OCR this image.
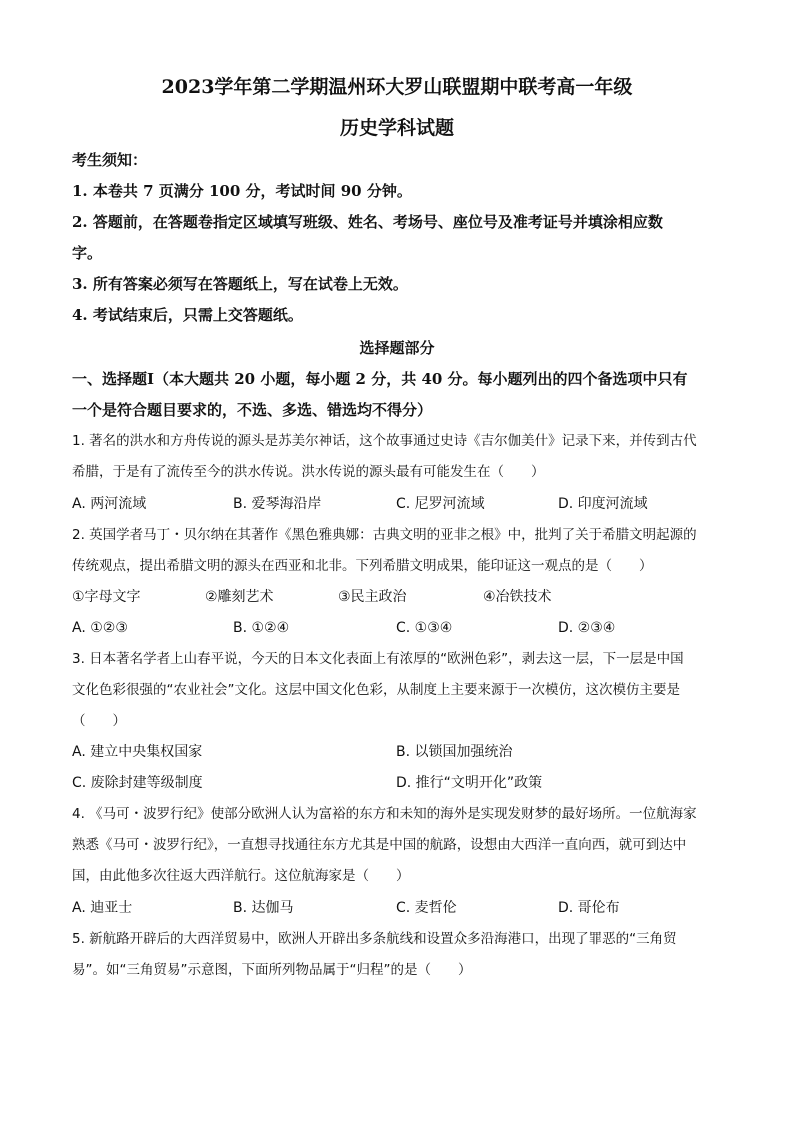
2023学年第二学期温州环大罗山联盟期中联考高一年级
历史学科试题
考生须知：
1. 本卷共 7 页满分 100 分，考试时间 90 分钟。
2. 答题前，在答题卷指定区域填写班级、姓名、考场号、座位号及准考证号并填涂相应数
字。
3. 所有答案必须写在答题纸上，写在试卷上无效。
4. 考试结束后，只需上交答题纸。
选择题部分
一、选择题Ⅰ（本大题共 20 小题，每小题 2 分，共 40 分。每小题列出的四个备选项中只有
一个是符合题目要求的，不选、多选、错选均不得分）
1. 著名的洪水和方舟传说的源头是苏美尔神话，这个故事通过史诗《吉尔伽美什》记录下来，并传到古代
希腊，于是有了流传至今的洪水传说。洪水传说的源头最有可能发生在（　　）
A. 两河流域	B. 爱琴海沿岸	C. 尼罗河流域	D. 印度河流域
2. 英国学者马丁・贝尔纳在其著作《黑色雅典娜：古典文明的亚非之根》中，批判了关于希腊文明起源的
传统观点，提出希腊文明的源头在西亚和北非。下列希腊文明成果，能印证这一观点的是（　　）
①字母文字	②雕刻艺术	③民主政治	④冶铁技术
A. ①②③	B. ①②④	C. ①③④	D. ②③④
3. 日本著名学者上山春平说，今天的日本文化表面上有浓厚的“欧洲色彩”，剥去这一层，下一层是中国
文化色彩很强的“农业社会”文化。这层中国文化色彩，从制度上主要来源于一次模仿，这次模仿主要是
（　　）
A. 建立中央集权国家	B. 以锁国加强统治
C. 废除封建等级制度	D. 推行“文明开化”政策
4. 《马可・波罗行纪》使部分欧洲人认为富裕的东方和未知的海外是实现发财梦的最好场所。一位航海家
熟悉《马可・波罗行纪》，一直想寻找通往东方尤其是中国的航路，设想由大西洋一直向西，就可到达中
国，由此他多次往返大西洋航行。这位航海家是（　　）
A. 迪亚士	B. 达伽马	C. 麦哲伦	D. 哥伦布
5. 新航路开辟后的大西洋贸易中，欧洲人开辟出多条航线和设置众多沿海港口，出现了罪恶的“三角贸
易”。如“三角贸易”示意图，下面所列物品属于“归程”的是（　　）
